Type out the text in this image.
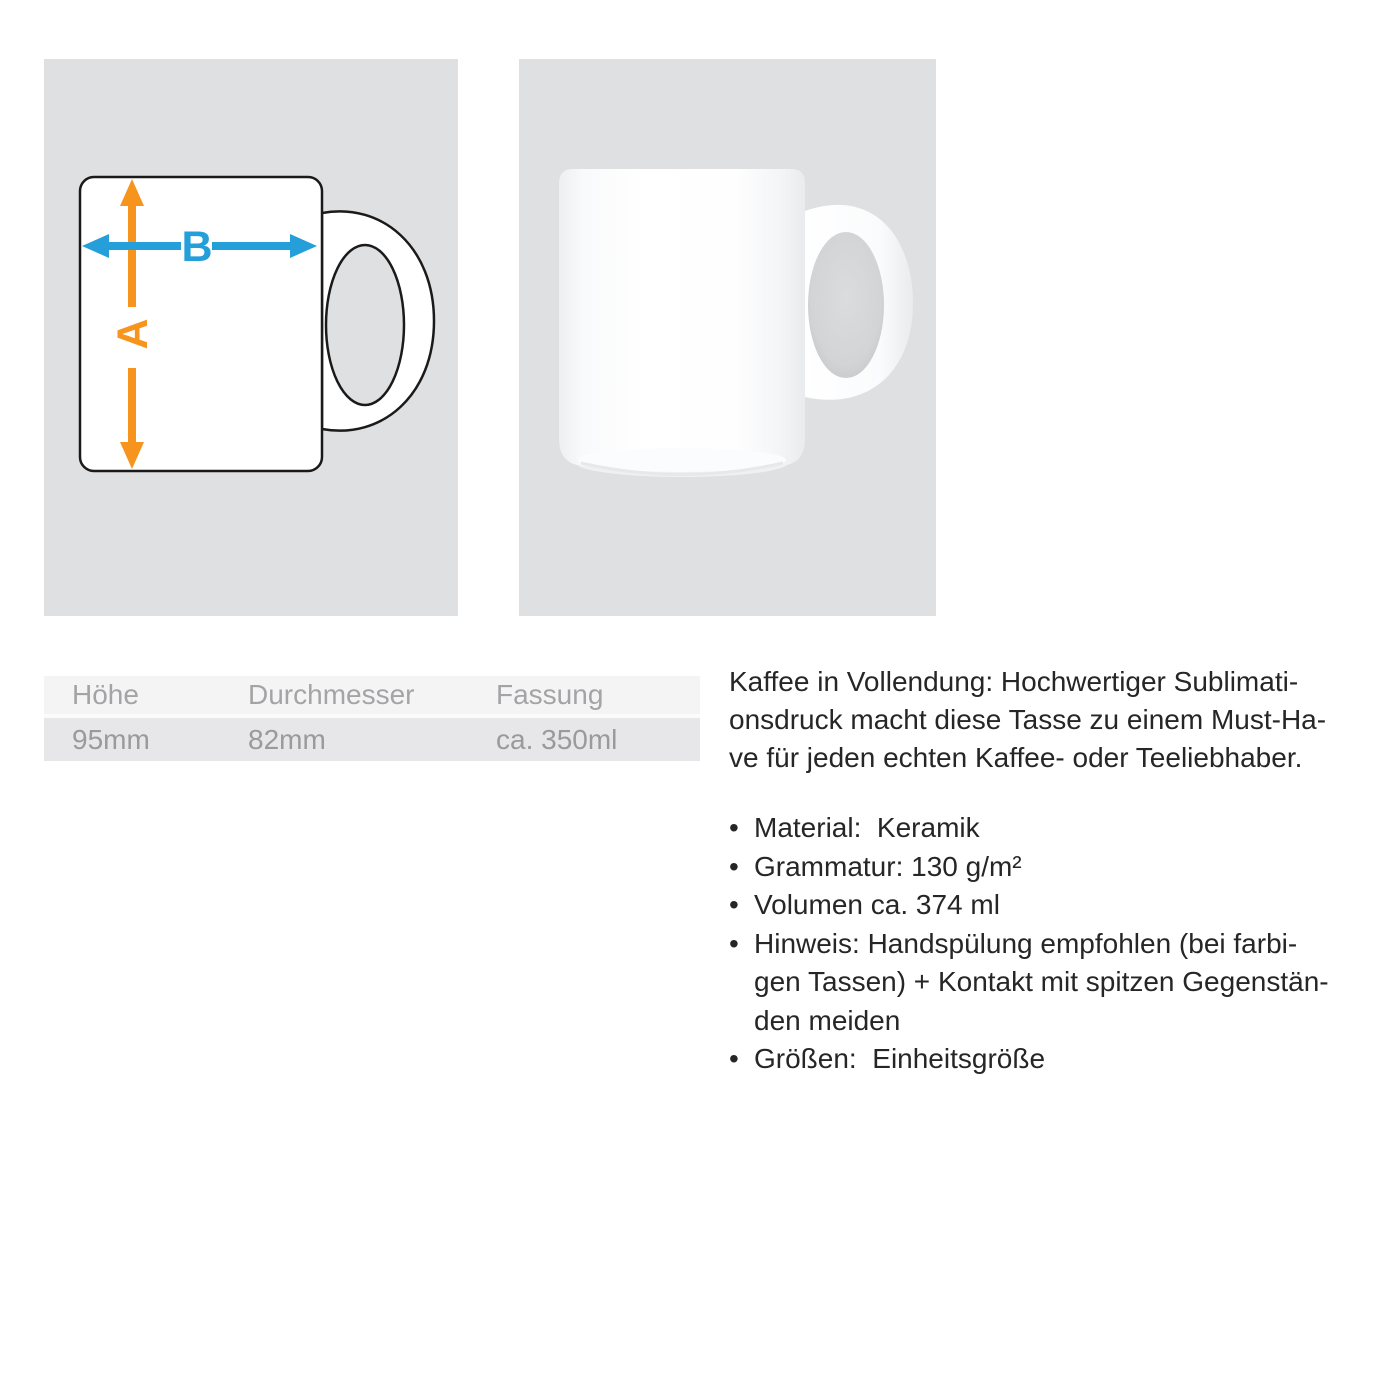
A
B
Höhe	Durchmesser	Fassung
95mm	82mm	ca. 350ml
Kaffee in Vollendung: Hochwertiger Sublimati-
onsdruck macht diese Tasse zu einem Must-Ha-
ve für jeden echten Kaffee- oder Teeliebhaber.
• Material:  Keramik
• Grammatur: 130 g/m²
• Volumen ca. 374 ml
• Hinweis: Handspülung empfohlen (bei farbi-
gen Tassen) + Kontakt mit spitzen Gegenstän-
den meiden
• Größen:  Einheitsgröße
